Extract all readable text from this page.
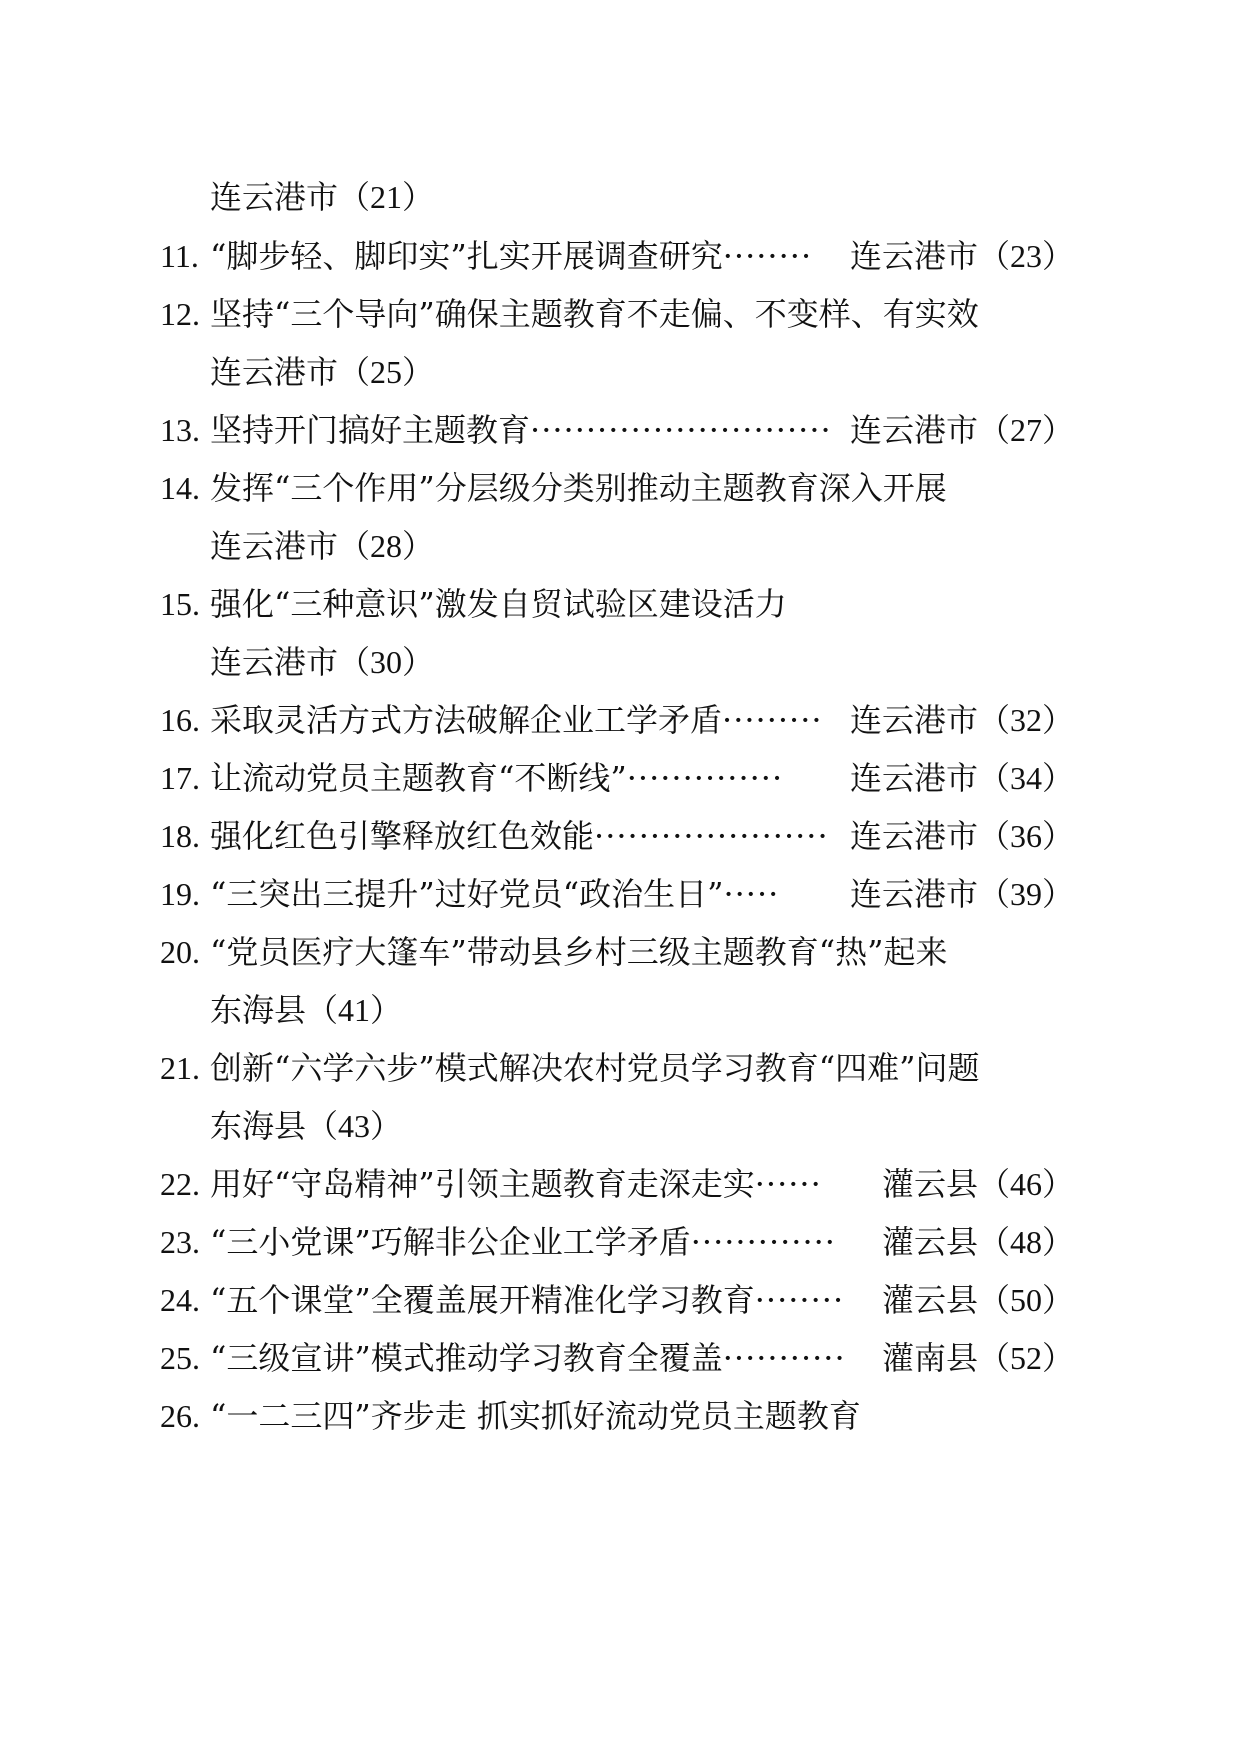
连云港市（21）
11. “脚步轻、脚印实”扎实开展调查研究········	连云港市（23）
12. 坚持“三个导向”确保主题教育不走偏、不变样、有实效
连云港市（25）
13. 坚持开门搞好主题教育··························· 连云港市（27）
14. 发挥“三个作用”分层级分类别推动主题教育深入开展
连云港市（28）
15. 强化“三种意识”激发自贸试验区建设活力
连云港市（30）
16. 采取灵活方式方法破解企业工学矛盾········· 连云港市（32）
17. 让流动党员主题教育“不断线”··············	连云港市（34）
18. 强化红色引擎释放红色效能····················· 连云港市（36）
19. “三突出三提升”过好党员“政治生日”·····	连云港市（39）
20. “党员医疗大篷车”带动县乡村三级主题教育“热”起来
东海县（41）
21. 创新“六学六步”模式解决农村党员学习教育“四难”问题
东海县（43）
22. 用好“守岛精神”引领主题教育走深走实······	灌云县（46）
23. “三小党课”巧解非公企业工学矛盾·············	灌云县（48）
24. “五个课堂”全覆盖展开精准化学习教育········	灌云县（50）
25. “三级宣讲”模式推动学习教育全覆盖···········	灌南县（52）
26. “一二三四”齐步走 抓实抓好流动党员主题教育
